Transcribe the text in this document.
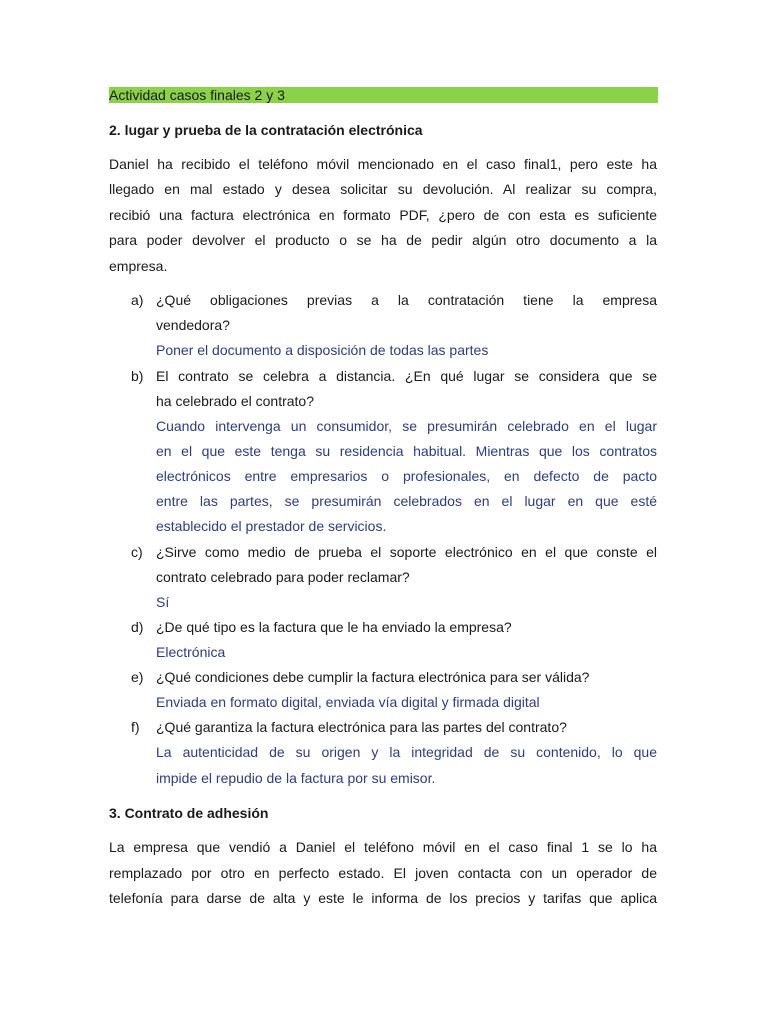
Actividad casos finales 2 y 3
2. lugar y prueba de la contratación electrónica
Daniel ha recibido el teléfono móvil mencionado en el caso final1, pero este ha
llegado en mal estado y desea solicitar su devolución. Al realizar su compra,
recibió una factura electrónica en formato PDF, ¿pero de con esta es suficiente
para poder devolver el producto o se ha de pedir algún otro documento a la
empresa.
a) ¿Qué obligaciones previas a la contratación tiene la empresa
vendedora?
Poner el documento a disposición de todas las partes
b) El contrato se celebra a distancia. ¿En qué lugar se considera que se
ha celebrado el contrato?
Cuando intervenga un consumidor, se presumirán celebrado en el lugar
en el que este tenga su residencia habitual. Mientras que los contratos
electrónicos entre empresarios o profesionales, en defecto de pacto
entre las partes, se presumirán celebrados en el lugar en que esté
establecido el prestador de servicios.
c) ¿Sirve como medio de prueba el soporte electrónico en el que conste el
contrato celebrado para poder reclamar?
Sí
d) ¿De qué tipo es la factura que le ha enviado la empresa?
Electrónica
e) ¿Qué condiciones debe cumplir la factura electrónica para ser válida?
Enviada en formato digital, enviada vía digital y firmada digital
f) ¿Qué garantiza la factura electrónica para las partes del contrato?
La autenticidad de su origen y la integridad de su contenido, lo que
impide el repudio de la factura por su emisor.
3. Contrato de adhesión
La empresa que vendió a Daniel el teléfono móvil en el caso final 1 se lo ha
remplazado por otro en perfecto estado. El joven contacta con un operador de
telefonía para darse de alta y este le informa de los precios y tarifas que aplica
